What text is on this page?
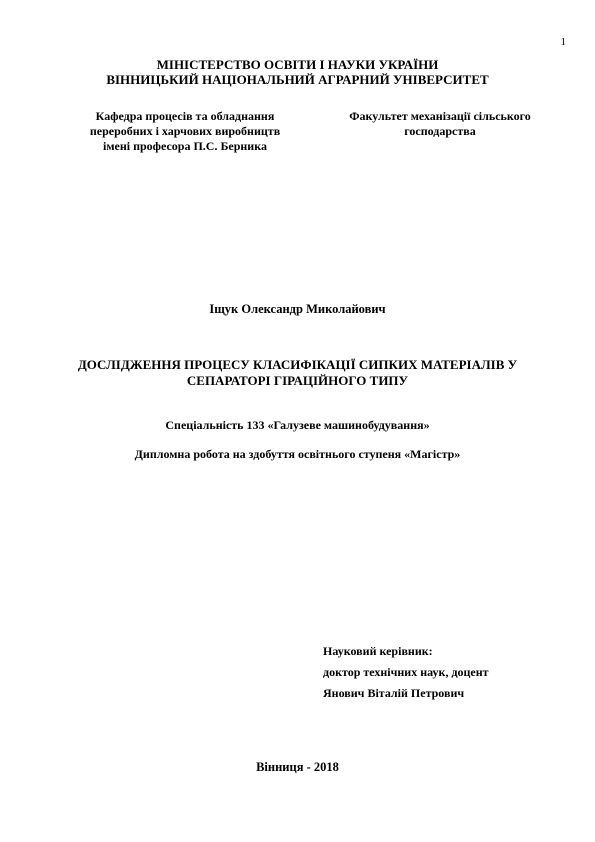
1
МІНІСТЕРСТВО ОСВІТИ І НАУКИ УКРАЇНИ
ВІННИЦЬКИЙ НАЦІОНАЛЬНИЙ АГРАРНИЙ УНІВЕРСИТЕТ
Кафедра процесів та обладнання
переробних і харчових виробництв
імені професора П.С. Берника
Факультет механізації сільського
господарства
Іщук Олександр Миколайович
ДОСЛІДЖЕННЯ ПРОЦЕСУ КЛАСИФІКАЦІЇ СИПКИХ МАТЕРІАЛІВ У
СЕПАРАТОРІ ГІРАЦІЙНОГО ТИПУ
Спеціальність 133 «Галузеве машинобудування»
Дипломна робота на здобуття освітнього ступеня «Магістр»
Науковий керівник:
доктор технічних наук, доцент
Янович Віталій Петрович
Вінниця - 2018
